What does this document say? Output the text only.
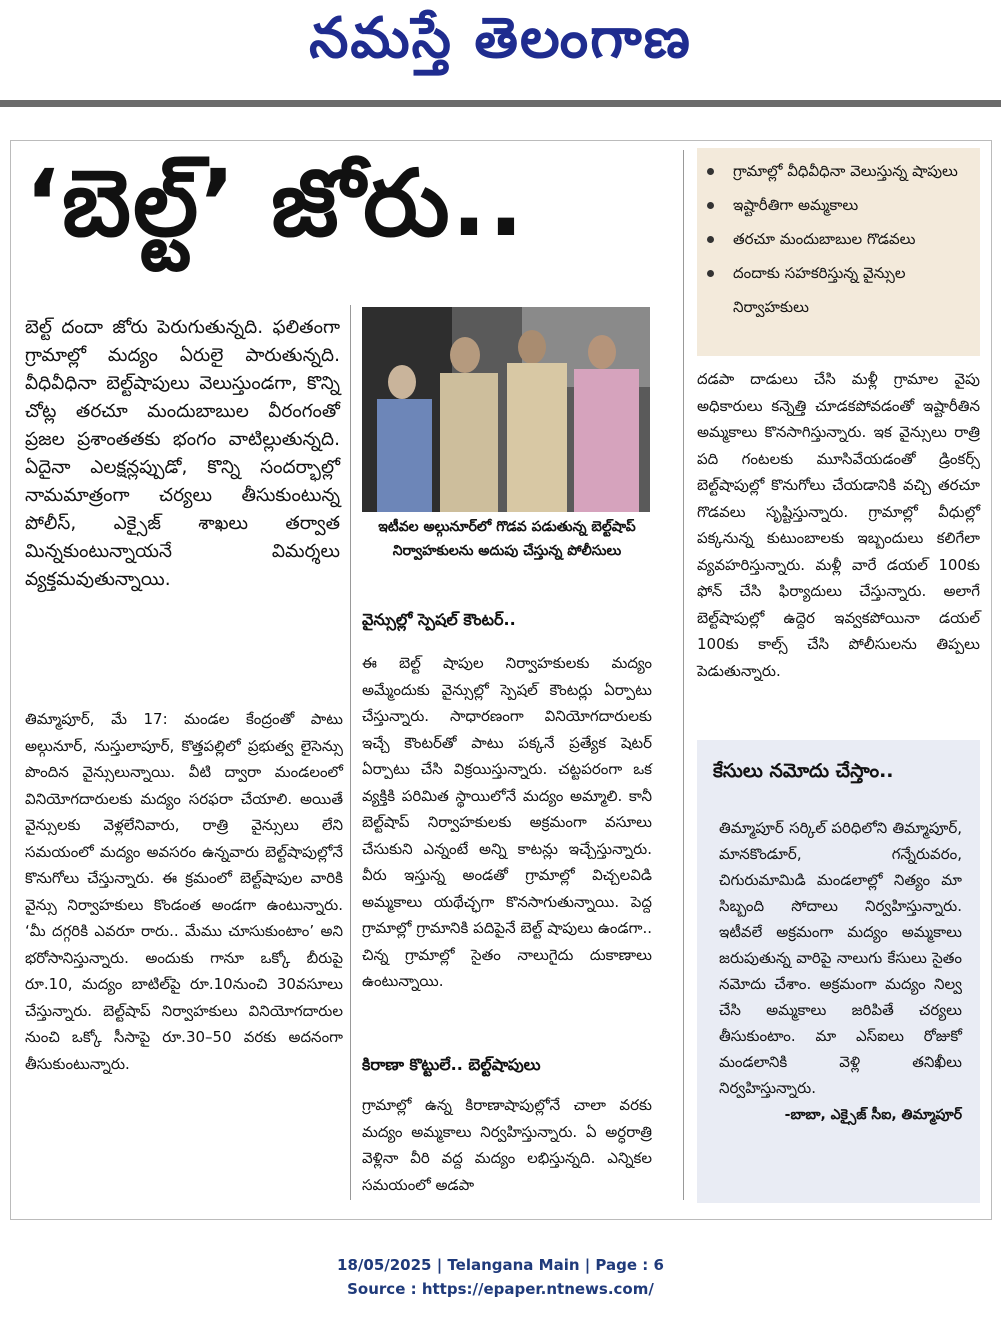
నమస్తే తెలంగాణ
‘బెల్ట్’ జోరు..

బెల్ట్ దందా జోరు పెరుగుతున్నది. ఫలితంగా గ్రామాల్లో మద్యం ఏరులై పారుతున్నది. వీధివీధినా బెల్ట్‌షాపులు వెలుస్తుండగా, కొన్ని చోట్ల తరచూ మందుబాబుల వీరంగంతో ప్రజల ప్రశాంతతకు భంగం వాటిల్లుతున్నది. ఏదైనా ఎలక్షన్లప్పుడో, కొన్ని సందర్భాల్లో నామమాత్రంగా చర్యలు తీసుకుంటున్న పోలీస్, ఎక్సైజ్ శాఖలు తర్వాత మిన్నకుంటున్నాయనే విమర్శలు వ్యక్తమవుతున్నాయి.

తిమ్మాపూర్, మే 17: మండల కేంద్రంతో పాటు అల్గునూర్, నుస్తులాపూర్, కొత్తపల్లిలో ప్రభుత్వ లైసెన్సు పొందిన వైన్సులున్నాయి. వీటి ద్వారా మండలంలో వినియోగదారులకు మద్యం సరఫరా చేయాలి. అయితే వైన్సులకు వెళ్లలేనివారు, రాత్రి వైన్సులు లేని సమయంలో మద్యం అవసరం ఉన్నవారు బెల్ట్‌షాపుల్లోనే కొనుగోలు చేస్తున్నారు. ఈ క్రమంలో బెల్ట్‌షాపుల వారికి వైన్సు నిర్వాహకులు కొండంత అండగా ఉంటున్నారు. ‘మీ దగ్గరికి ఎవరూ రారు.. మేము చూసుకుంటాం’ అని భరోసానిస్తున్నారు. అందుకు గానూ ఒక్కో బీరుపై రూ.10, మద్యం బాటిల్‌పై రూ.10నుంచి 30వసూలు చేస్తున్నారు. బెల్ట్‌షాప్ నిర్వాహకులు వినియోగదారుల నుంచి ఒక్కో సీసాపై రూ.30–50 వరకు అదనంగా తీసుకుంటున్నారు.

ఇటీవల అల్గునూర్‌లో గొడవ పడుతున్న బెల్ట్‌షాప్ నిర్వాహకులను అదుపు చేస్తున్న పోలీసులు
వైన్సుల్లో స్పెషల్ కౌంటర్..

ఈ బెల్ట్ షాపుల నిర్వాహకులకు మద్యం అమ్మేందుకు వైన్సుల్లో స్పెషల్ కౌంటర్లు ఏర్పాటు చేస్తున్నారు. సాధారణంగా వినియోగదారులకు ఇచ్చే కౌంటర్‌తో పాటు పక్కనే ప్రత్యేక షెటర్ ఏర్పాటు చేసి విక్రయిస్తున్నారు. చట్టపరంగా ఒక వ్యక్తికి పరిమిత స్థాయిలోనే మద్యం అమ్మాలి. కానీ బెల్ట్‌షాప్ నిర్వాహకులకు అక్రమంగా వసూలు చేసుకుని ఎన్నంటే అన్ని కాటన్లు ఇచ్చేస్తున్నారు. వీరు ఇస్తున్న అండతో గ్రామాల్లో విచ్చలవిడి అమ్మకాలు యథేచ్ఛగా కొనసాగుతున్నాయి. పెద్ద గ్రామాల్లో గ్రామానికి పదిపైనే బెల్ట్ షాపులు ఉండగా.. చిన్న గ్రామాల్లో సైతం నాలుగైదు దుకాణాలు ఉంటున్నాయి.

కిరాణా కొట్టులే.. బెల్ట్‌షాపులు

గ్రామాల్లో ఉన్న కిరాణాషాపుల్లోనే చాలా వరకు మద్యం అమ్మకాలు నిర్వహిస్తున్నారు. ఏ అర్ధరాత్రి వెళ్లినా వీరి వద్ద మద్యం లభిస్తున్నది. ఎన్నికల సమయంలో అడపా

గ్రామాల్లో వీధివీధినా వెలుస్తున్న షాపులు
ఇష్టారీతిగా అమ్మకాలు
తరచూ మందుబాబుల గొడవలు
దందాకు సహకరిస్తున్న వైన్సుల నిర్వాహకులు

దడపా దాడులు చేసి మళ్లీ గ్రామాల వైపు అధికారులు కన్నెత్తి చూడకపోవడంతో ఇష్టారీతిన అమ్మకాలు కొనసాగిస్తున్నారు. ఇక వైన్సులు రాత్రి పది గంటలకు మూసివేయడంతో డ్రింకర్స్ బెల్ట్‌షాపుల్లో కొనుగోలు చేయడానికి వచ్చి తరచూ గొడవలు సృష్టిస్తున్నారు. గ్రామాల్లో వీధుల్లో పక్కనున్న కుటుంబాలకు ఇబ్బందులు కలిగేలా వ్యవహరిస్తున్నారు. మళ్లీ వారే డయల్ 100కు ఫోన్ చేసి ఫిర్యాదులు చేస్తున్నారు. అలాగే బెల్ట్‌షాపుల్లో ఉద్దెర ఇవ్వకపోయినా డయల్ 100కు కాల్స్ చేసి పోలీసులను తిప్పలు పెడుతున్నారు.

కేసులు నమోదు చేస్తాం..
తిమ్మాపూర్ సర్కిల్ పరిధిలోని తిమ్మాపూర్, మానకొండూర్, గన్నేరువరం, చిగురుమామిడి మండలాల్లో నిత్యం మా సిబ్బంది సోదాలు నిర్వహిస్తున్నారు. ఇటీవలే అక్రమంగా మద్యం అమ్మకాలు జరుపుతున్న వారిపై నాలుగు కేసులు సైతం నమోదు చేశాం. అక్రమంగా మద్యం నిల్వ చేసి అమ్మకాలు జరిపితే చర్యలు తీసుకుంటాం. మా ఎస్ఐలు రోజుకో మండలానికి వెళ్లి తనిఖీలు నిర్వహిస్తున్నారు.
-బాబా, ఎక్సైజ్ సీఐ, తిమ్మాపూర్
18/05/2025 | Telangana Main | Page : 6
Source : https://epaper.ntnews.com/
